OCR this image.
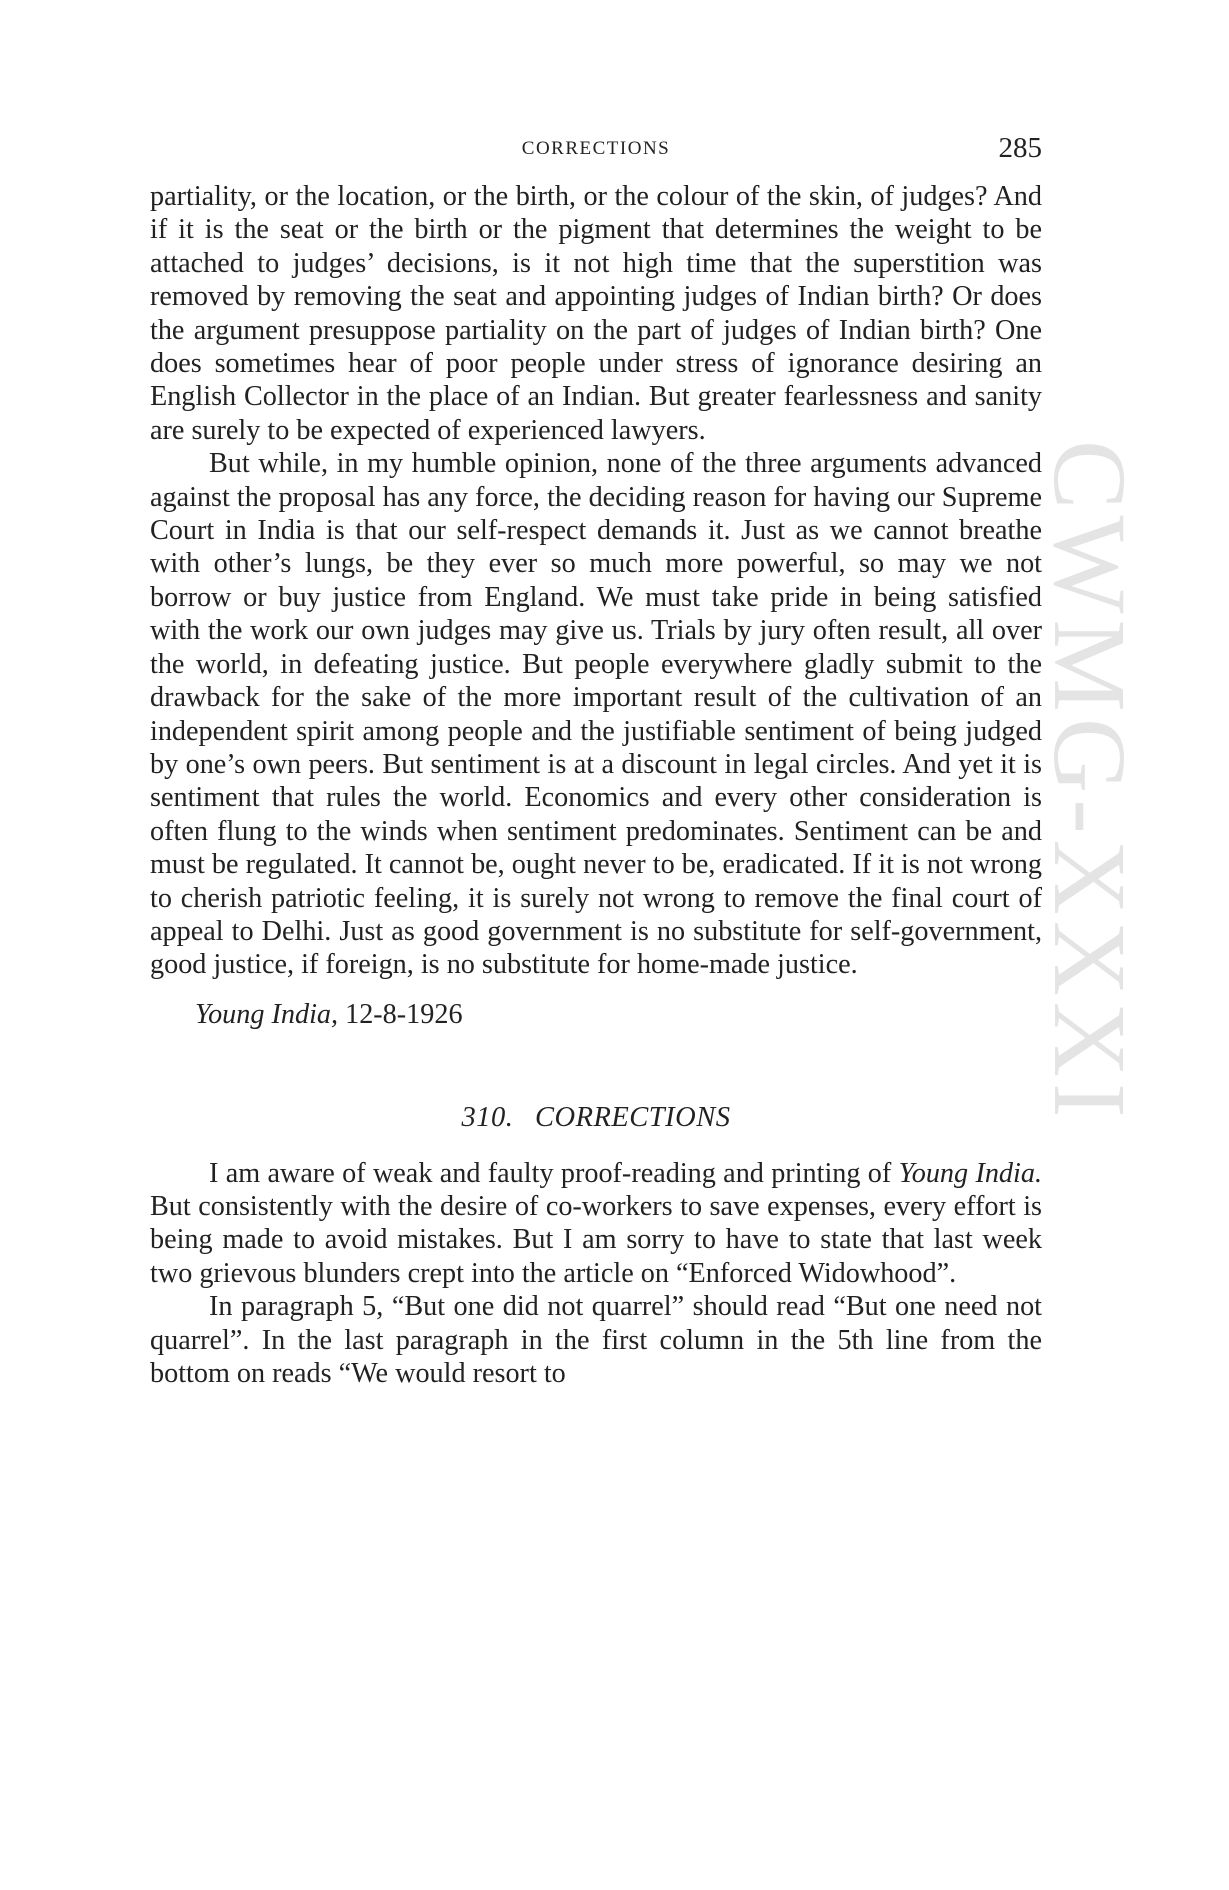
CWMG-XXXI
CORRECTIONS	285

partiality, or the location, or the birth, or the colour of the skin, of judges? And if it is the seat or the birth or the pigment that determines the weight to be attached to judges’ decisions, is it not high time that the superstition was removed by removing the seat and appointing judges of Indian birth? Or does the argument presuppose partiality on the part of judges of Indian birth? One does sometimes hear of poor people under stress of ignorance desiring an English Collector in the place of an Indian. But greater fearlessness and sanity are surely to be expected of experienced lawyers.

But while, in my humble opinion, none of the three arguments advanced against the proposal has any force, the deciding reason for having our Supreme Court in India is that our self-respect demands it. Just as we cannot breathe with other’s lungs, be they ever so much more powerful, so may we not borrow or buy justice from England. We must take pride in being satisfied with the work our own judges may give us. Trials by jury often result, all over the world, in defeating justice. But people everywhere gladly submit to the drawback for the sake of the more important result of the cultivation of an independent spirit among people and the justifiable sentiment of being judged by one’s own peers. But sentiment is at a discount in legal circles. And yet it is sentiment that rules the world. Economics and every other consideration is often flung to the winds when sentiment predominates. Sentiment can be and must be regulated. It cannot be, ought never to be, eradicated. If it is not wrong to cherish patriotic feeling, it is surely not wrong to remove the final court of appeal to Delhi. Just as good government is no substitute for self-government, good justice, if foreign, is no substitute for home-made justice.

Young India, 12-8-1926
310. CORRECTIONS

I am aware of weak and faulty proof-reading and printing of Young India. But consistently with the desire of co-workers to save expenses, every effort is being made to avoid mistakes. But I am sorry to have to state that last week two grievous blunders crept into the article on “Enforced Widowhood”.

In paragraph 5, “But one did not quarrel” should read “But one need not quarrel”. In the last paragraph in the first column in the 5th line from the bottom on reads “We would resort to
